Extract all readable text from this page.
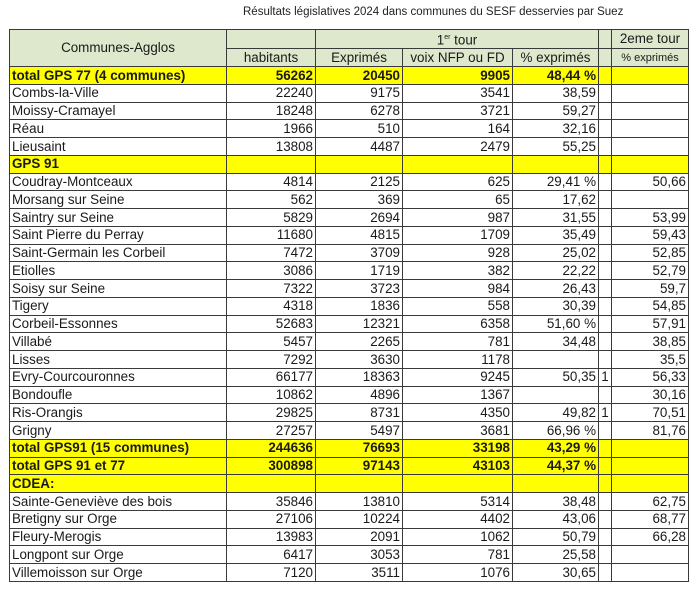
Résultats législatives 2024 dans communes du SESF desservies par Suez
Communes-Agglos		1er tour				2eme tour
	habitants	Exprimés	voix NFP ou FD	% exprimés		% exprimés
total GPS 77 (4 communes)	56262	20450	9905	48,44 %		
Combs-la-Ville	22240	9175	3541	38,59		
Moissy-Cramayel	18248	6278	3721	59,27		
Réau	1966	510	164	32,16		
Lieusaint	13808	4487	2479	55,25		
GPS 91						
Coudray-Montceaux	4814	2125	625	29,41 %		50,66
Morsang sur Seine	562	369	65	17,62		
Saintry sur Seine	5829	2694	987	31,55		53,99
Saint Pierre du Perray	11680	4815	1709	35,49		59,43
Saint-Germain les Corbeil	7472	3709	928	25,02		52,85
Etiolles	3086	1719	382	22,22		52,79
Soisy sur Seine	7322	3723	984	26,43		59,7
Tigery	4318	1836	558	30,39		54,85
Corbeil-Essonnes	52683	12321	6358	51,60 %		57,91
Villabé	5457	2265	781	34,48		38,85
Lisses	7292	3630	1178			35,5
Evry-Courcouronnes	66177	18363	9245	50,35	1	56,33
Bondoufle	10862	4896	1367			30,16
Ris-Orangis	29825	8731	4350	49,82	1	70,51
Grigny	27257	5497	3681	66,96 %		81,76
total GPS91 (15 communes)	244636	76693	33198	43,29 %		
total GPS 91 et 77	300898	97143	43103	44,37 %		
CDEA:						
Sainte-Geneviève des bois	35846	13810	5314	38,48		62,75
Bretigny sur Orge	27106	10224	4402	43,06		68,77
Fleury-Merogis	13983	2091	1062	50,79		66,28
Longpont sur Orge	6417	3053	781	25,58		
Villemoisson sur Orge	7120	3511	1076	30,65		
